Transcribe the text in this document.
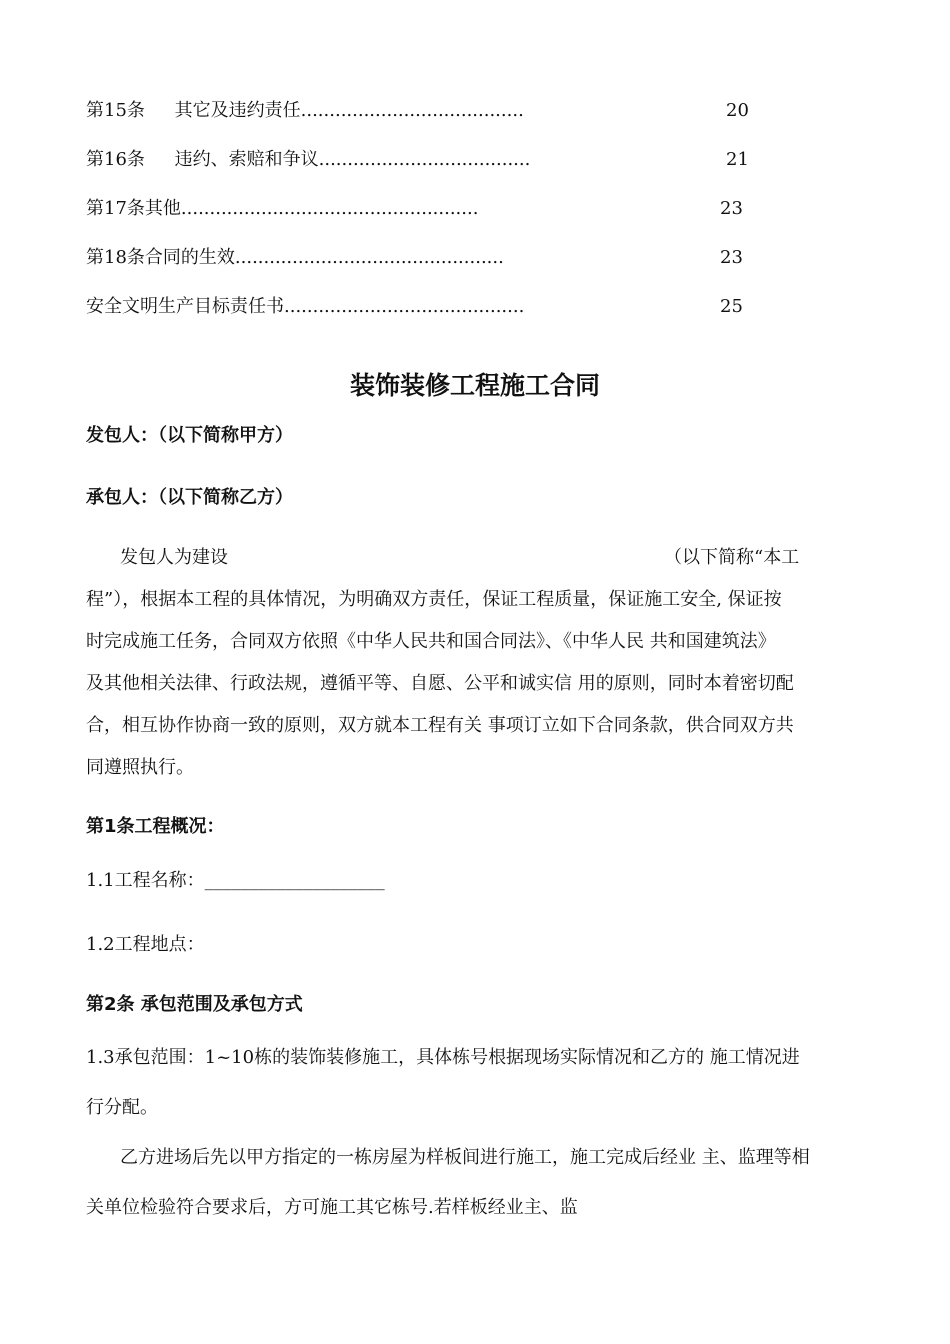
第15条 其它及违约责任.......................................	20
第16条 违约、索赔和争议.....................................	21
第17条其他....................................................	23
第18条合同的生效...............................................	23
安全文明生产目标责任书..........................................	25
装饰装修工程施工合同
发包人：（以下简称甲方）
承包人：（以下简称乙方）
发包人为建设	（以下简称“本工
程”），根据本工程的具体情况，为明确双方责任，保证工程质量，保证施工安全, 保证按
时完成施工任务，合同双方依照《中华人民共和国合同法》、《中华人民 共和国建筑法》
及其他相关法律、行政法规，遵循平等、自愿、公平和诚实信 用的原则，同时本着密切配
合，相互协作协商一致的原则，双方就本工程有关 事项订立如下合同条款，供合同双方共
同遵照执行。
第1条工程概况：
1.1工程名称：____________________
1.2工程地点：
第2条 承包范围及承包方式
1.3承包范围：1~10栋的装饰装修施工，具体栋号根据现场实际情况和乙方的 施工情况进
行分配。
乙方进场后先以甲方指定的一栋房屋为样板间进行施工，施工完成后经业 主、监理等相
关单位检验符合要求后，方可施工其它栋号.若样板经业主、监
